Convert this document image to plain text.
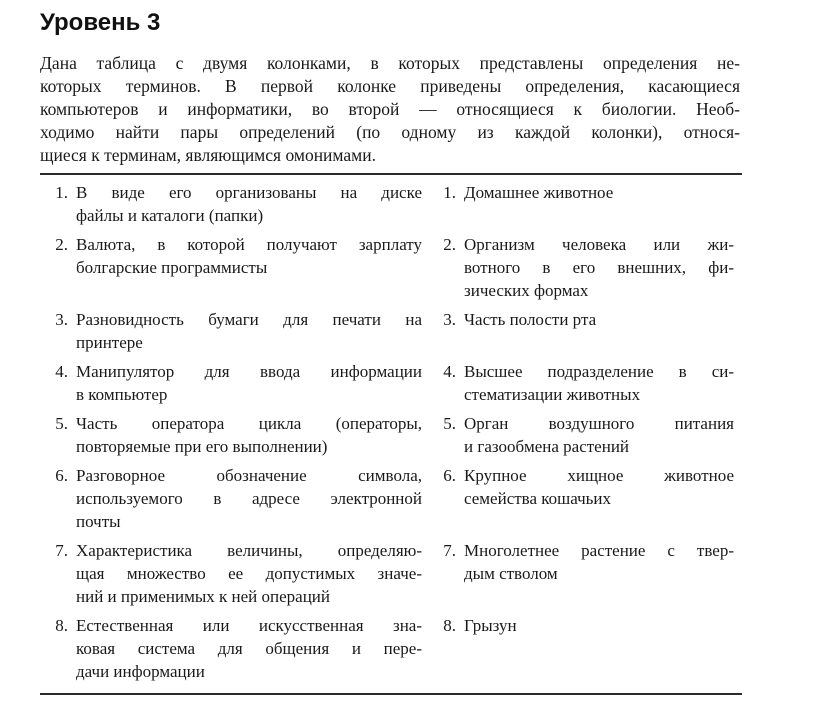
Уровень 3
Дана таблица с двумя колонками, в которых представлены определения не-
которых терминов. В первой колонке приведены определения, касающиеся
компьютеров и информатики, во второй — относящиеся к биологии. Необ-
ходимо найти пары определений (по одному из каждой колонки), относя-
щиеся к терминам, являющимся омонимами.
1. В виде его организованы на диске
файлы и каталоги (папки)	1. Домашнее животное

2. Валюта, в которой получают зарплату
болгарские программисты	2. Организм человека или жи-
вотного в его внешних, фи-
зических формах

3. Разновидность бумаги для печати на
принтере	3. Часть полости рта

4. Манипулятор для ввода информации
в компьютер	4. Высшее подразделение в си-
стематизации животных

5. Часть оператора цикла (операторы,
повторяемые при его выполнении)	5. Орган воздушного питания
и газообмена растений

6. Разговорное обозначение символа,
используемого в адресе электронной
почты	6. Крупное хищное животное
семейства кошачьих

7. Характеристика величины, определяю-
щая множество ее допустимых значе-
ний и применимых к ней операций	7. Многолетнее растение с твер-
дым стволом

8. Естественная или искусственная зна-
ковая система для общения и пере-
дачи информации	8. Грызун
